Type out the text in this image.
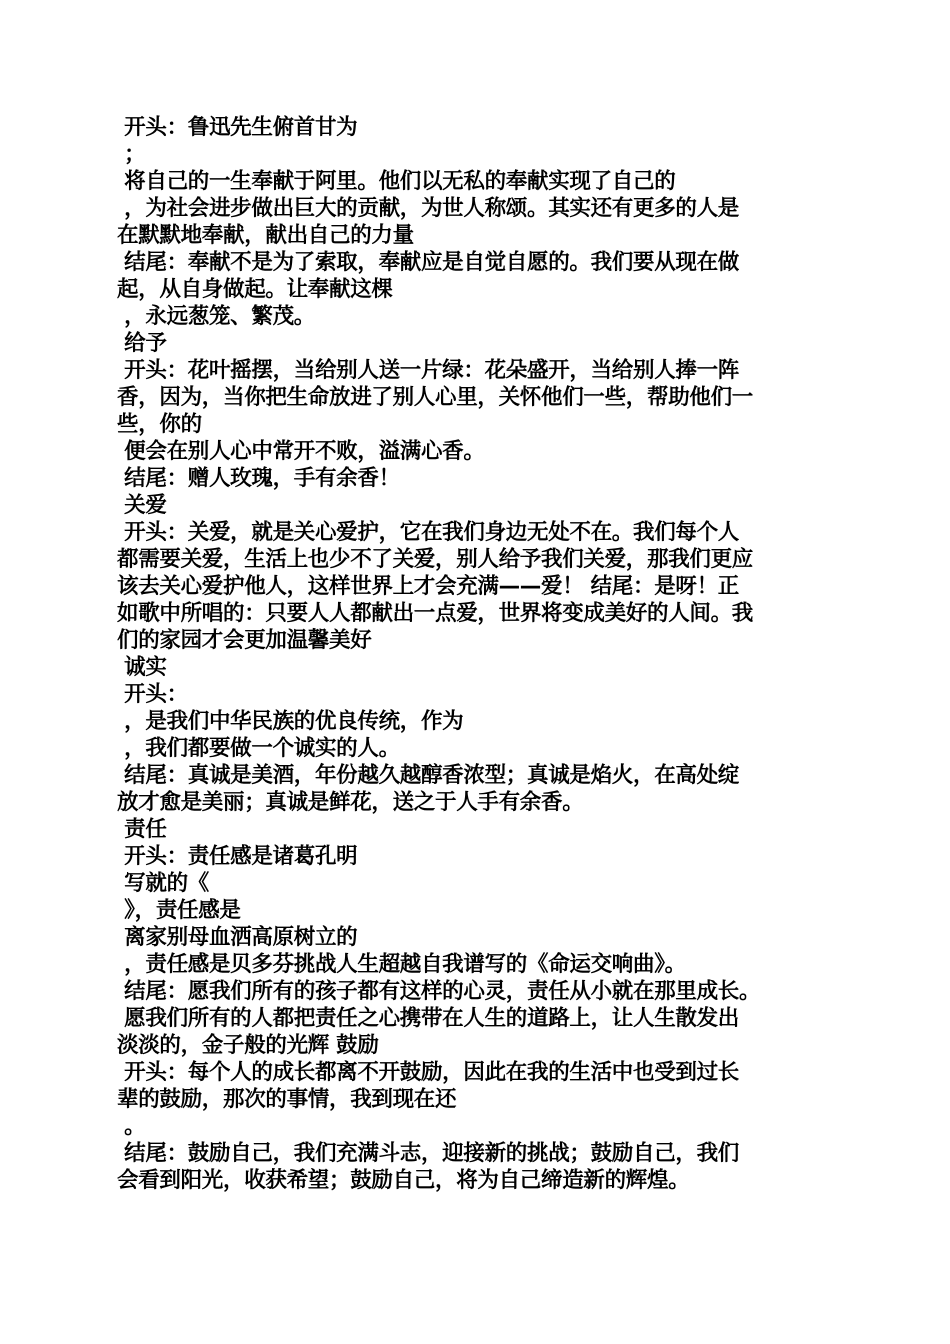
开头：鲁迅先生俯首甘为
；
将自己的一生奉献于阿里。他们以无私的奉献实现了自己的
，为社会进步做出巨大的贡献，为世人称颂。其实还有更多的人是
在默默地奉献，献出自己的力量
结尾：奉献不是为了索取，奉献应是自觉自愿的。我们要从现在做
起，从自身做起。让奉献这棵
，永远葱笼、繁茂。
给予
开头：花叶摇摆，当给别人送一片绿：花朵盛开，当给别人捧一阵
香，因为，当你把生命放进了别人心里，关怀他们一些，帮助他们一
些，你的
便会在别人心中常开不败，溢满心香。
结尾：赠人玫瑰，手有余香！
关爱
开头：关爱，就是关心爱护，它在我们身边无处不在。我们每个人
都需要关爱，生活上也少不了关爱，别人给予我们关爱，那我们更应
该去关心爱护他人，这样世界上才会充满——爱！ 结尾：是呀！正
如歌中所唱的：只要人人都献出一点爱，世界将变成美好的人间。我
们的家园才会更加温馨美好
诚实
开头：
，是我们中华民族的优良传统，作为
，我们都要做一个诚实的人。
结尾：真诚是美酒，年份越久越醇香浓型；真诚是焰火，在高处绽
放才愈是美丽；真诚是鲜花，送之于人手有余香。
责任
开头：责任感是诸葛孔明
写就的《
》，责任感是
离家别母血洒高原树立的
，责任感是贝多芬挑战人生超越自我谱写的《命运交响曲》。
结尾：愿我们所有的孩子都有这样的心灵，责任从小就在那里成长。
愿我们所有的人都把责任之心携带在人生的道路上，让人生散发出
淡淡的，金子般的光辉 鼓励
开头：每个人的成长都离不开鼓励，因此在我的生活中也受到过长
辈的鼓励，那次的事情，我到现在还
。
结尾：鼓励自己，我们充满斗志，迎接新的挑战；鼓励自己，我们
会看到阳光，收获希望；鼓励自己，将为自己缔造新的辉煌。
